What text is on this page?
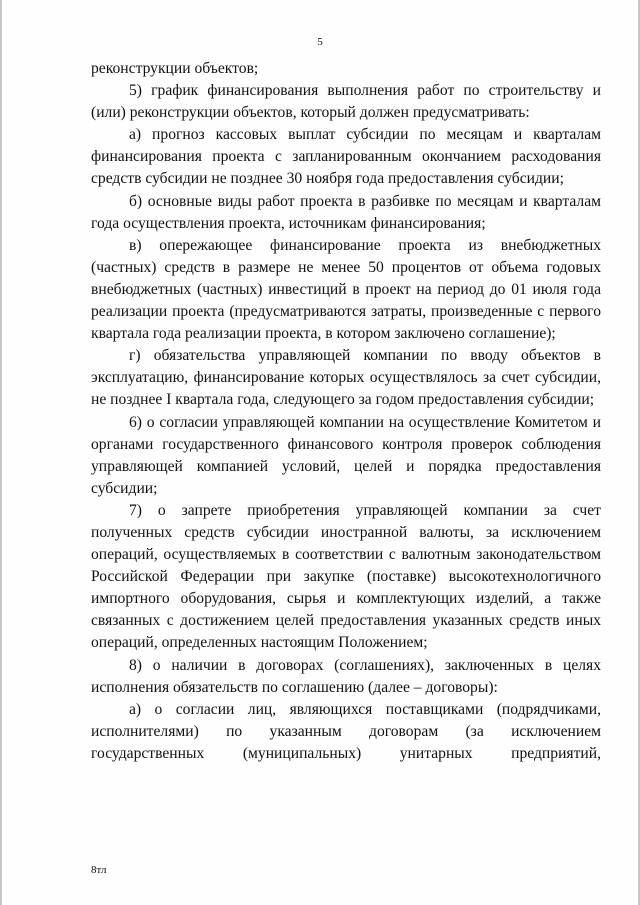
5

реконструкции объектов;

5) график финансирования выполнения работ по строительству и (или) реконструкции объектов, который должен предусматривать:

а) прогноз кассовых выплат субсидии по месяцам и кварталам финансирования проекта с запланированным окончанием расходования средств субсидии не позднее 30 ноября года предоставления субсидии;

б) основные виды работ проекта в разбивке по месяцам и кварталам года осуществления проекта, источникам финансирования;

в) опережающее финансирование проекта из внебюджетных (частных) средств в размере не менее 50 процентов от объема годовых внебюджетных (частных) инвестиций в проект на период до 01 июля года реализации проекта (предусматриваются затраты, произведенные с первого квартала года реализации проекта, в котором заключено соглашение);

г) обязательства управляющей компании по вводу объектов в эксплуатацию, финансирование которых осуществлялось за счет субсидии, не позднее I квартала года, следующего за годом предоставления субсидии;

6) о согласии управляющей компании на осуществление Комитетом и органами государственного финансового контроля проверок соблюдения управляющей компанией условий, целей и порядка предоставления субсидии;

7) о запрете приобретения управляющей компании за счет полученных средств субсидии иностранной валюты, за исключением операций, осуществляемых в соответствии с валютным законодательством Российской Федерации при закупке (поставке) высокотехнологичного импортного оборудования, сырья и комплектующих изделий, а также связанных с достижением целей предоставления указанных средств иных операций, определенных настоящим Положением;

8) о наличии в договорах (соглашениях), заключенных в целях исполнения обязательств по соглашению (далее – договоры):

а) о согласии лиц, являющихся поставщиками (подрядчиками, исполнителями) по указанным договорам (за исключением государственных (муниципальных) унитарных предприятий,

8тл
